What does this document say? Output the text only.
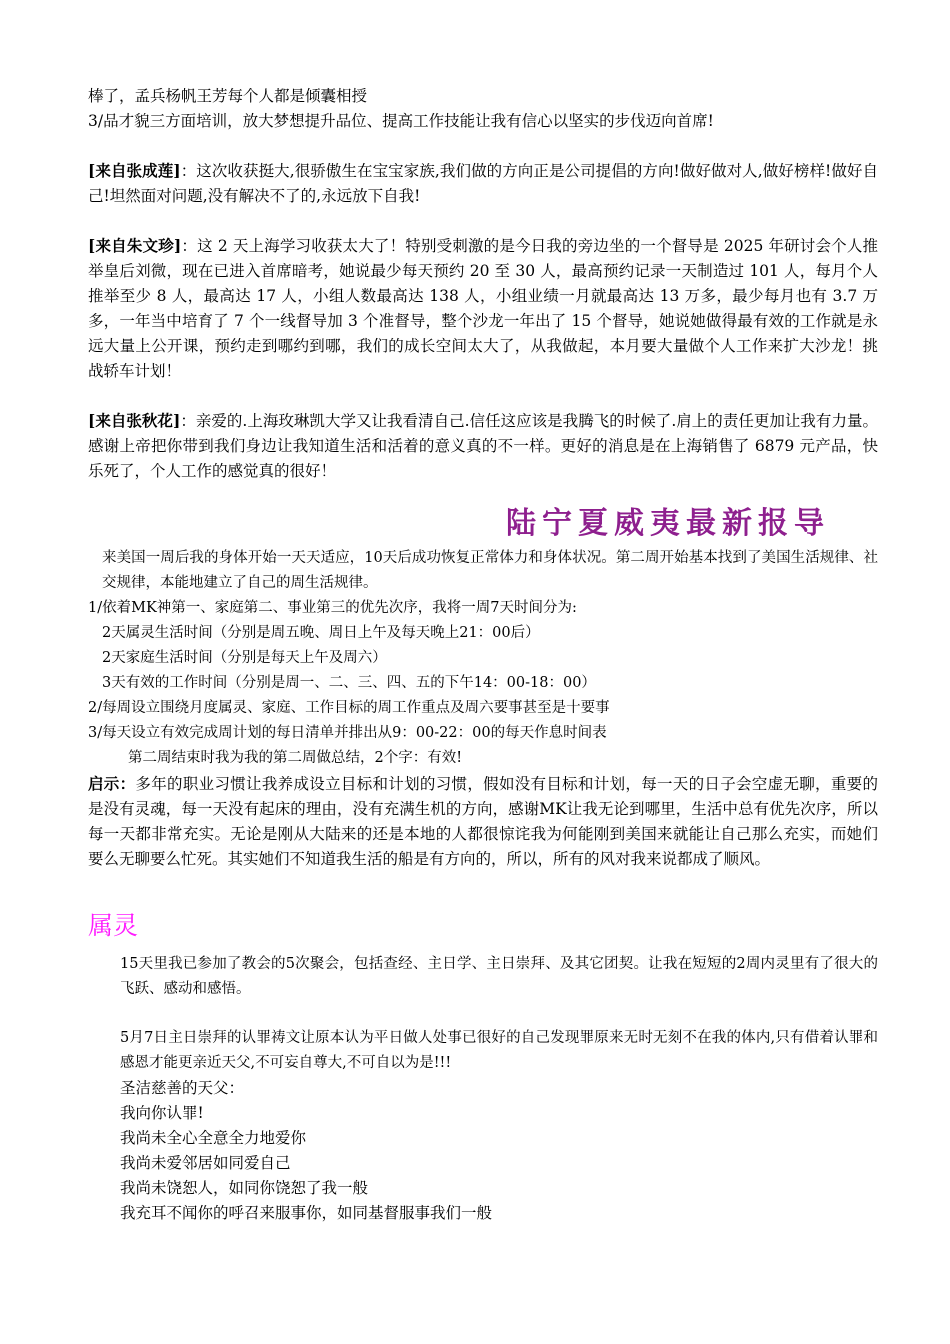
棒了，孟兵杨帆王芳每个人都是倾囊相授

3/品才貌三方面培训，放大梦想提升品位、提高工作技能让我有信心以坚实的步伐迈向首席!

[来自张成莲]：这次收获挺大,很骄傲生在宝宝家族,我们做的方向正是公司提倡的方向!做好做对人,做好榜样!做好自己!坦然面对问题,没有解决不了的,永远放下自我!

[来自朱文珍]：这 2 天上海学习收获太大了！特别受刺激的是今日我的旁边坐的一个督导是 2025 年研讨会个人推举皇后刘微，现在已进入首席暗考，她说最少每天预约 20 至 30 人，最高预约记录一天制造过 101 人，每月个人推举至少 8 人，最高达 17 人，小组人数最高达 138 人，小组业绩一月就最高达 13 万多，最少每月也有 3.7 万多，一年当中培育了 7 个一线督导加 3 个准督导，整个沙龙一年出了 15 个督导，她说她做得最有效的工作就是永远大量上公开课，预约走到哪约到哪，我们的成长空间太大了，从我做起，本月要大量做个人工作来扩大沙龙！挑战轿车计划！

[来自张秋花]：亲爱的.上海玫琳凯大学又让我看清自己.信任这应该是我腾飞的时候了.肩上的责任更加让我有力量。感谢上帝把你带到我们身边让我知道生活和活着的意义真的不一样。更好的消息是在上海销售了 6879 元产品，快乐死了，个人工作的感觉真的很好！

陆宁夏威夷最新报导

来美国一周后我的身体开始一天天适应，10天后成功恢复正常体力和身体状况。第二周开始基本找到了美国生活规律、社交规律，本能地建立了自己的周生活规律。

1/依着MK神第一、家庭第二、事业第三的优先次序，我将一周7天时间分为:

2天属灵生活时间（分别是周五晚、周日上午及每天晚上21：00后）

2天家庭生活时间（分别是每天上午及周六）

3天有效的工作时间（分别是周一、二、三、四、五的下午14：00-18：00）

2/每周设立围绕月度属灵、家庭、工作目标的周工作重点及周六要事甚至是十要事

3/每天设立有效完成周计划的每日清单并排出从9：00-22：00的每天作息时间表

第二周结束时我为我的第二周做总结，2个字：有效!

启示：多年的职业习惯让我养成设立目标和计划的习惯，假如没有目标和计划，每一天的日子会空虚无聊，重要的是没有灵魂，每一天没有起床的理由，没有充满生机的方向，感谢MK让我无论到哪里，生活中总有优先次序，所以每一天都非常充实。无论是刚从大陆来的还是本地的人都很惊诧我为何能刚到美国来就能让自己那么充实，而她们要么无聊要么忙死。其实她们不知道我生活的船是有方向的，所以，所有的风对我来说都成了顺风。

属灵

15天里我已参加了教会的5次聚会，包括查经、主日学、主日崇拜、及其它团契。让我在短短的2周内灵里有了很大的飞跃、感动和感悟。

5月7日主日崇拜的认罪祷文让原本认为平日做人处事已很好的自己发现罪原来无时无刻不在我的体内,只有借着认罪和感恩才能更亲近天父,不可妄自尊大,不可自以为是!!!

圣洁慈善的天父：

我向你认罪!

我尚未全心全意全力地爱你

我尚未爱邻居如同爱自己

我尚未饶恕人，如同你饶恕了我一般

我充耳不闻你的呼召来服事你，如同基督服事我们一般
